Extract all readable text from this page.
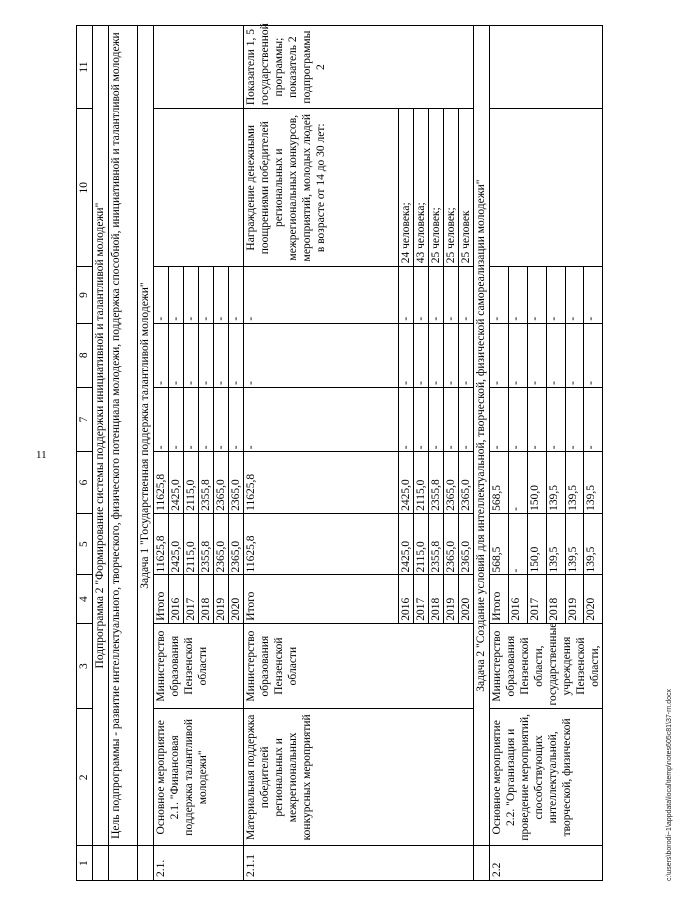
11
1	2	3	4	5	6	7	8	9	10	11
	Подпрограмма 2 "Формирование системы поддержки инициативной и талантливой молодежи"									
	Цель подпрограммы - развитие интеллектуального, творческого, физического потенциала молодежи, поддержка способной, инициативной и талантливой молодежи									
	Задача 1 "Государственная поддержка талантливой молодежи"									
2.1.	Основное мероприятие 2.1. "Финансовая поддержка талантливой молодежи"	Министерство образования Пензенской области	Итого	11625,8	11625,8	-	-	-		
			2016	2425,0	2425,0	-	-	-		
			2017	2115,0	2115,0	-	-	-		
			2018	2355,8	2355,8	-	-	-		
			2019	2365,0	2365,0	-	-	-		
			2020	2365,0	2365,0	-	-	-		
2.1.1	Материальная поддержка победителей региональных и межрегиональных конкурсных мероприятий	Министерство образования Пензенской области	Итого	11625,8	11625,8	-	-	-	Награждение денежными поощрениями победителей региональных и межрегиональных конкурсов, мероприятий, молодых людей в возрасте от 14 до 30 лет:	Показатели 1, 5 государственной программы; показатель 2 подпрограммы 2
			2016	2425,0	2425,0	-	-	-	24 человека;	
			2017	2115,0	2115,0	-	-	-	43 человека;	
			2018	2355,8	2355,8	-	-	-	25 человек;	
			2019	2365,0	2365,0	-	-	-	25 человек;	
			2020	2365,0	2365,0	-	-	-	25 человек	
	Задача 2 "Создание условий для интеллектуальной, творческой, физической самореализации молодежи"									
2.2	Основное мероприятие 2.2. "Организация и проведение мероприятий, способствующих интеллектуальной, творческой, физической	Министерство образования Пензенской области, государственные учреждения Пензенской области,	Итого	568,5	568,5	-	-	-		
			2016	-	-	-	-	-		
			2017	150,0	150,0	-	-	-		
			2018	139,5	139,5	-	-	-		
			2019	139,5	139,5	-	-	-		
			2020	139,5	139,5	-	-	-		
c:\users\borodi~1\appdata\local\temp\notes605c81\37-rn.docx
